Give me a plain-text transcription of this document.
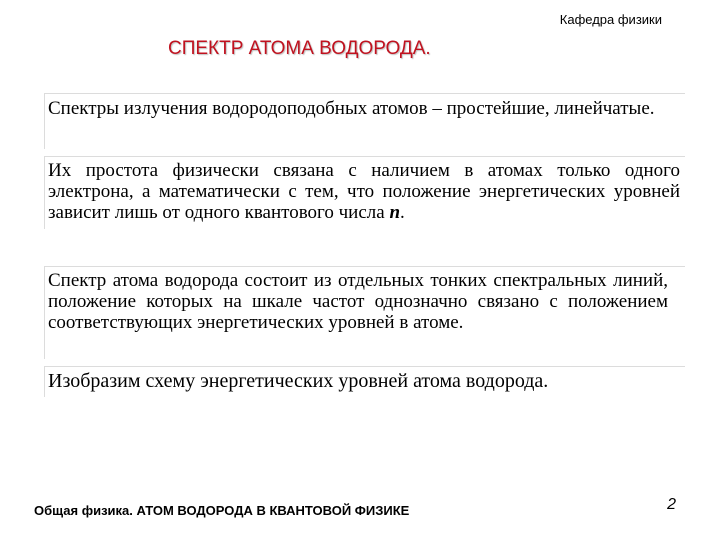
Кафедра физики
СПЕКТР АТОМА ВОДОРОДА.

Спектры излучения водородоподобных атомов – простейшие, линейчатые.

Их простота физически связана с наличием в атомах только одного электрона, а математически с тем, что положение энергетических уровней зависит лишь от одного квантового числа n.

Спектр атома водорода состоит из отдельных тонких спектральных линий, положение которых на шкале частот однозначно связано с положением соответствующих энергетических уровней в атоме.

Изобразим схему энергетических уровней атома водорода.

Общая физика. АТОМ ВОДОРОДА В КВАНТОВОЙ ФИЗИКЕ	2
